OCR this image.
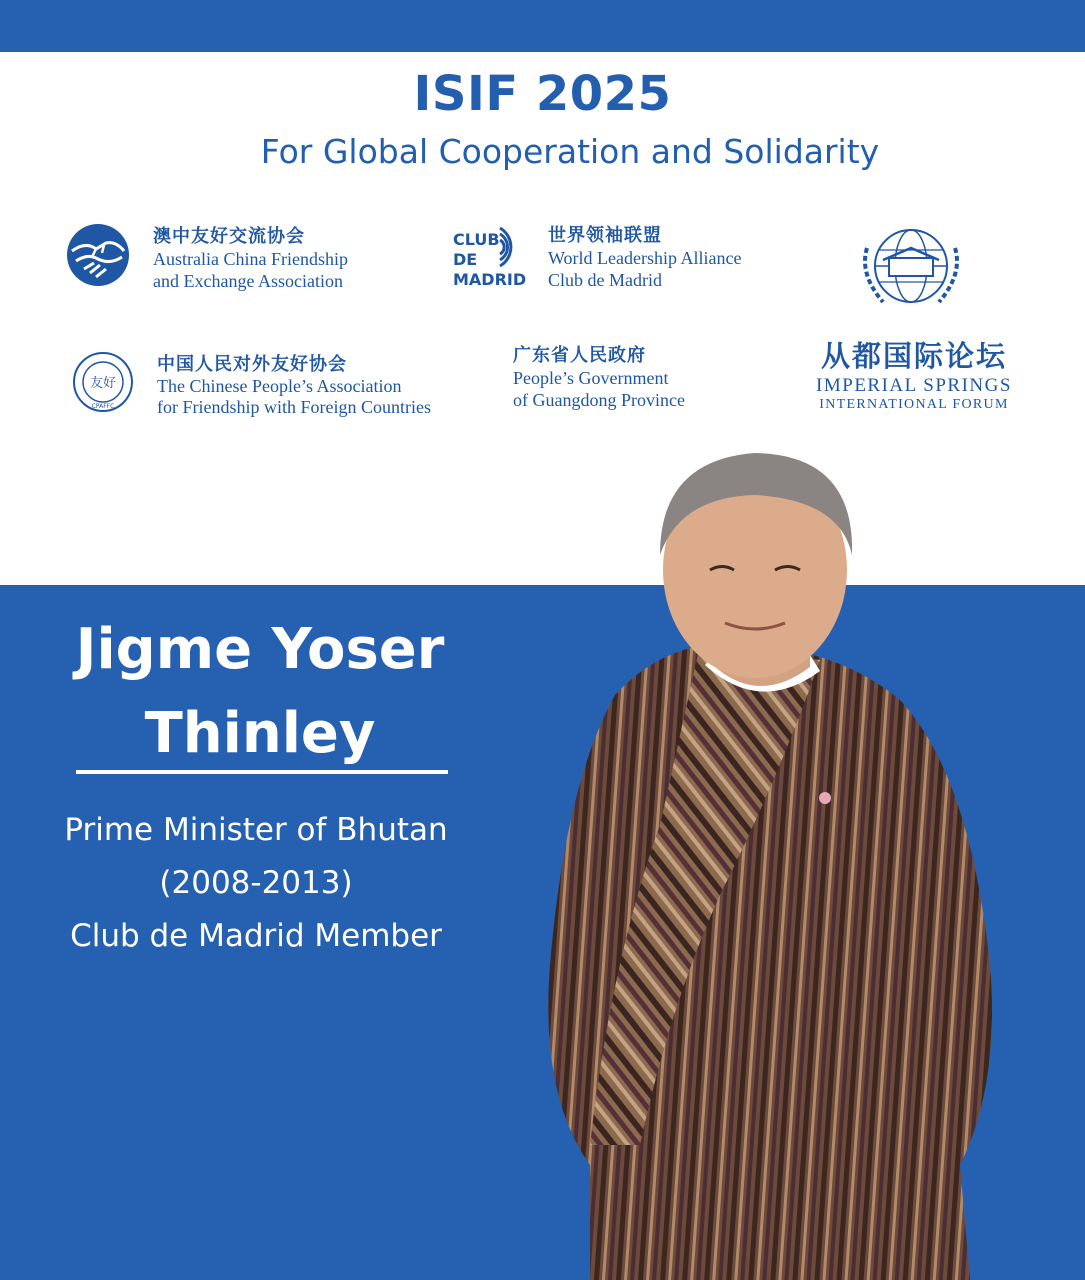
ISIF 2025
For Global Cooperation and Solidarity
澳中友好交流协会
Australia China Friendship
and Exchange Association
CLUB
DE
MADRID
世界领袖联盟
World Leadership Alliance
Club de Madrid
友好
CPAFFC
中国人民对外友好协会
The Chinese People’s Association
for Friendship with Foreign Countries
广东省人民政府
People’s Government
of Guangdong Province
从都国际论坛
IMPERIAL SPRINGS
INTERNATIONAL FORUM
Jigme Yoser
Thinley
Prime Minister of Bhutan
(2008-2013)
Club de Madrid Member
